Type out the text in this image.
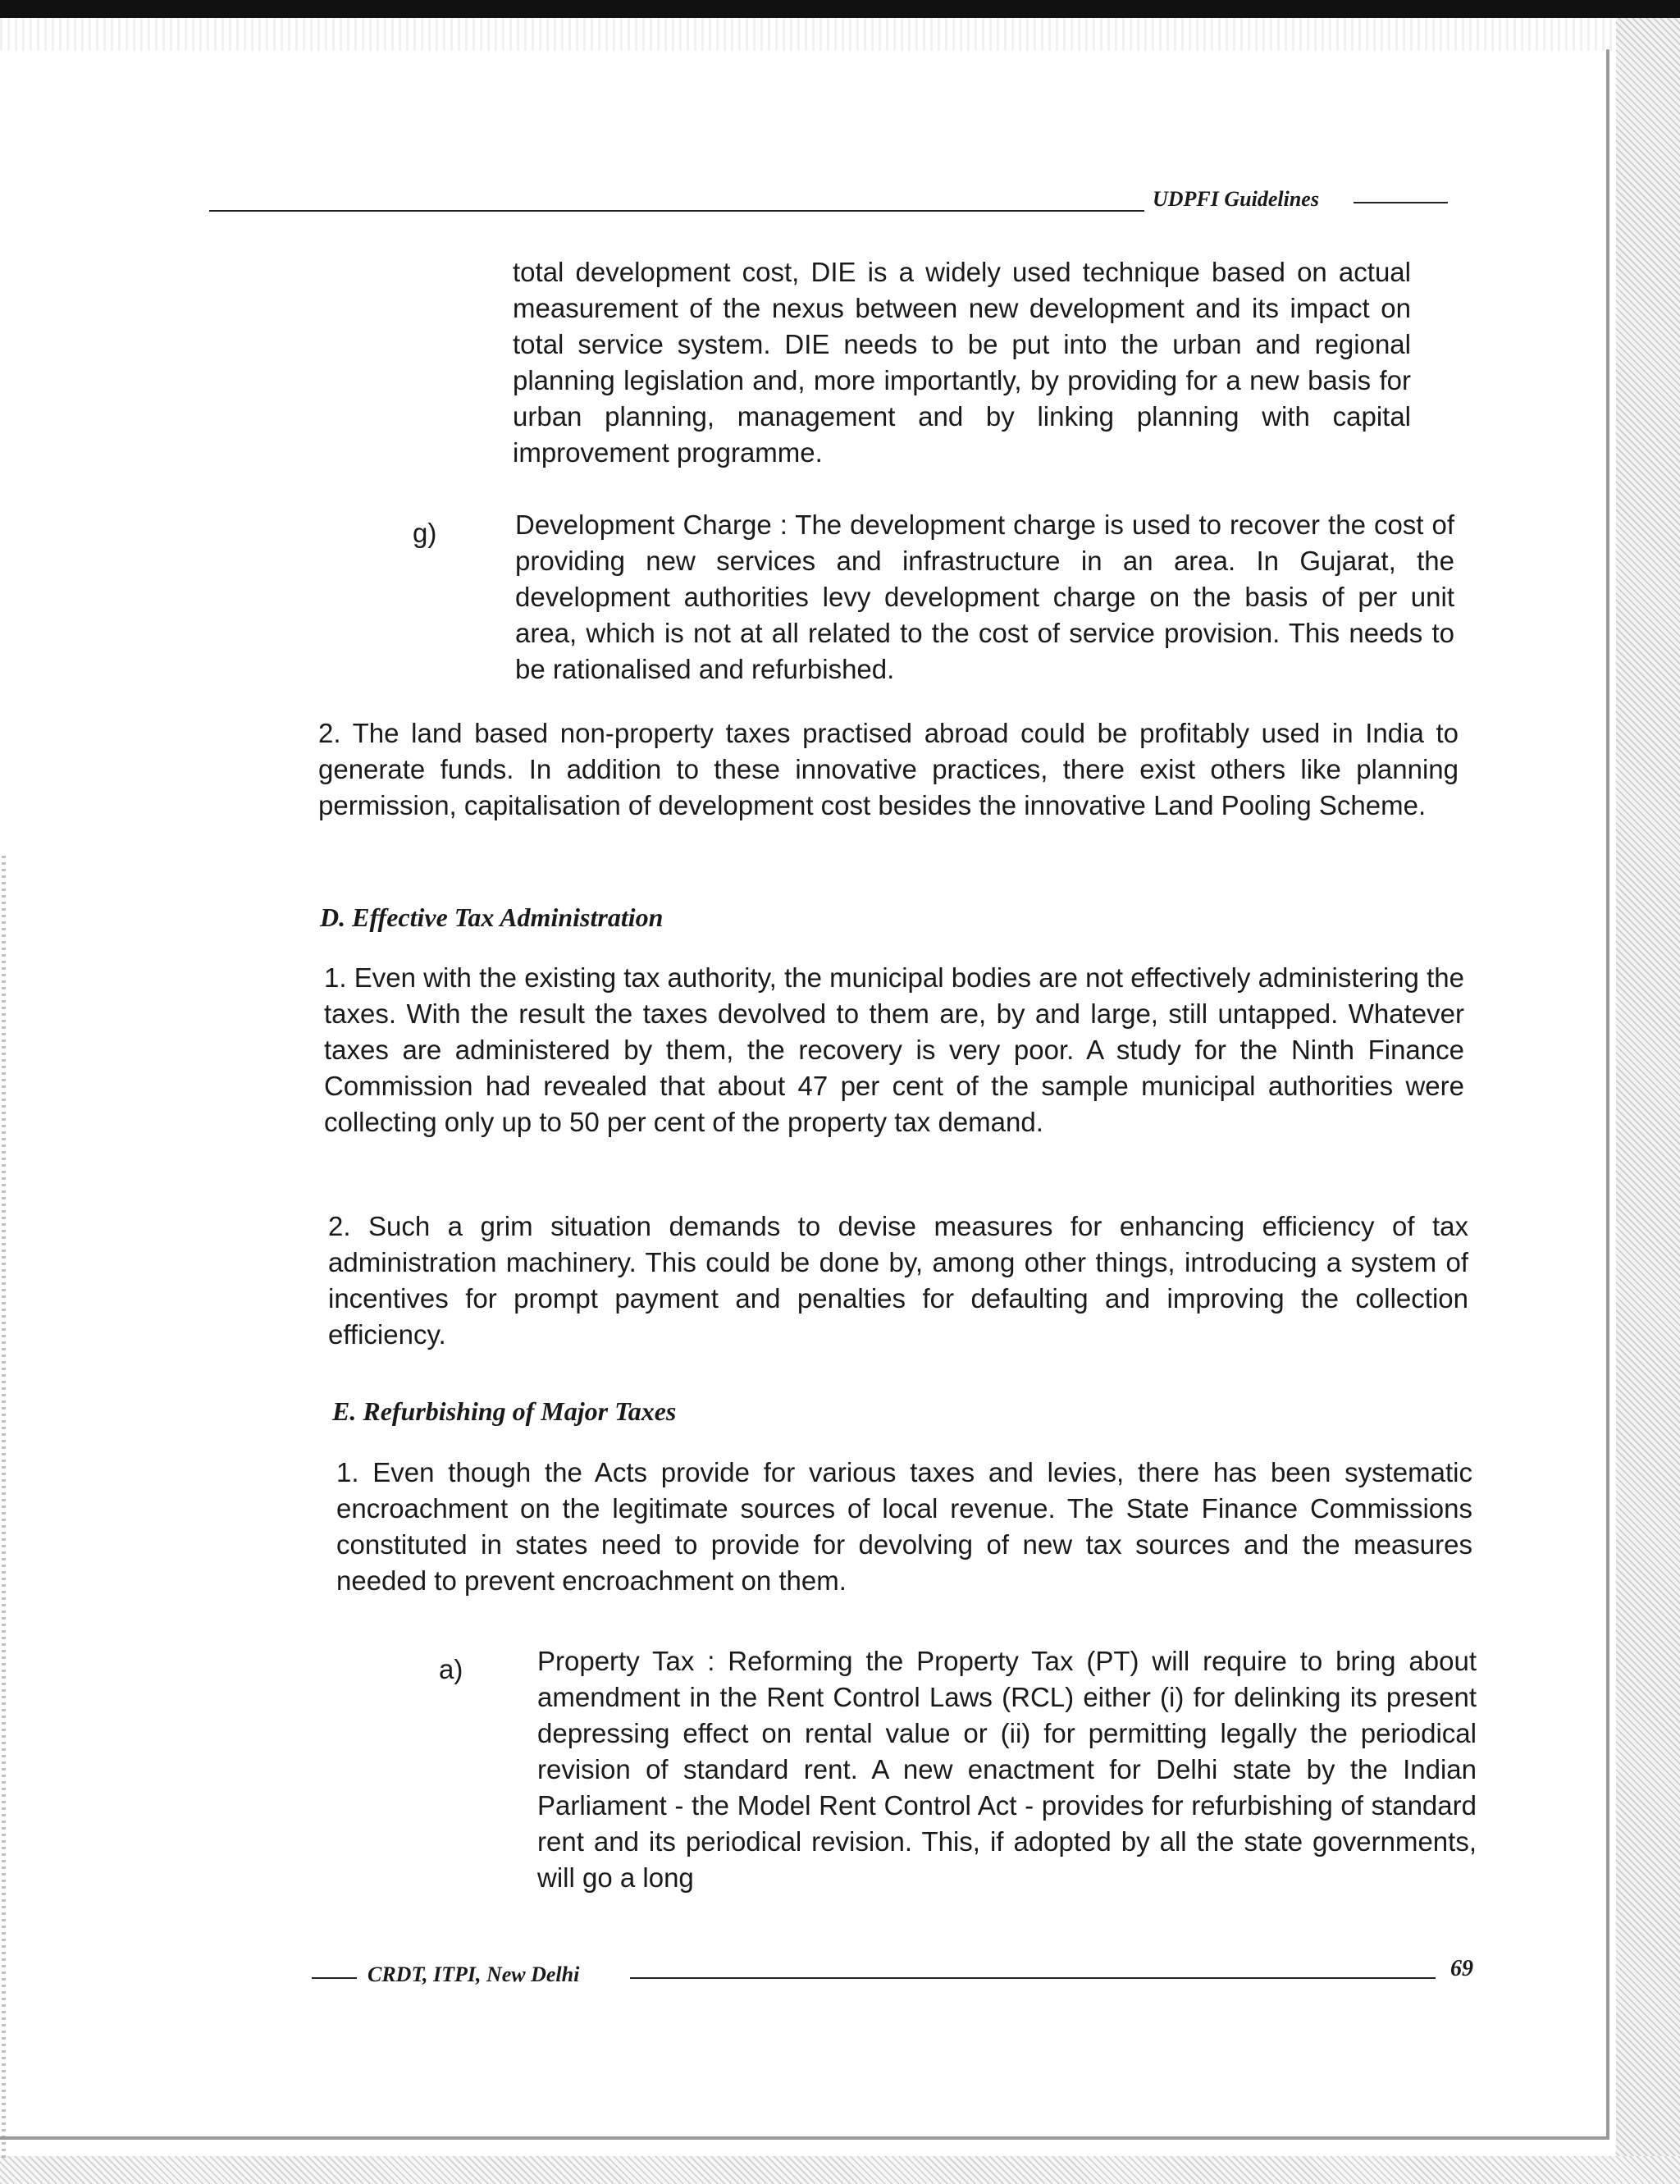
UDPFI Guidelines

total development cost, DIE is a widely used technique based on actual measurement of the nexus between new development and its impact on total service system. DIE needs to be put into the urban and regional planning legislation and, more importantly, by providing for a new basis for urban planning, management and by linking planning with capital improvement programme.

g)	Development Charge : The development charge is used to recover the cost of providing new services and infrastructure in an area. In Gujarat, the development authorities levy development charge on the basis of per unit area, which is not at all related to the cost of service provision. This needs to be rationalised and refurbished.

2. The land based non-property taxes practised abroad could be profitably used in India to generate funds. In addition to these innovative practices, there exist others like planning permission, capitalisation of development cost besides the innovative Land Pooling Scheme.

D. Effective Tax Administration

1. Even with the existing tax authority, the municipal bodies are not effectively administering the taxes. With the result the taxes devolved to them are, by and large, still untapped. Whatever taxes are administered by them, the recovery is very poor. A study for the Ninth Finance Commission had revealed that about 47 per cent of the sample municipal authorities were collecting only up to 50 per cent of the property tax demand.

2. Such a grim situation demands to devise measures for enhancing efficiency of tax administration machinery. This could be done by, among other things, introducing a system of incentives for prompt payment and penalties for defaulting and improving the collection efficiency.

E. Refurbishing of Major Taxes

1. Even though the Acts provide for various taxes and levies, there has been systematic encroachment on the legitimate sources of local revenue. The State Finance Commissions constituted in states need to provide for devolving of new tax sources and the measures needed to prevent encroachment on them.

a)	Property Tax : Reforming the Property Tax (PT) will require to bring about amendment in the Rent Control Laws (RCL) either (i) for delinking its present depressing effect on rental value or (ii) for permitting legally the periodical revision of standard rent. A new enactment for Delhi state by the Indian Parliament - the Model Rent Control Act - provides for refurbishing of standard rent and its periodical revision. This, if adopted by all the state governments, will go a long

CRDT, ITPI, New Delhi	69
